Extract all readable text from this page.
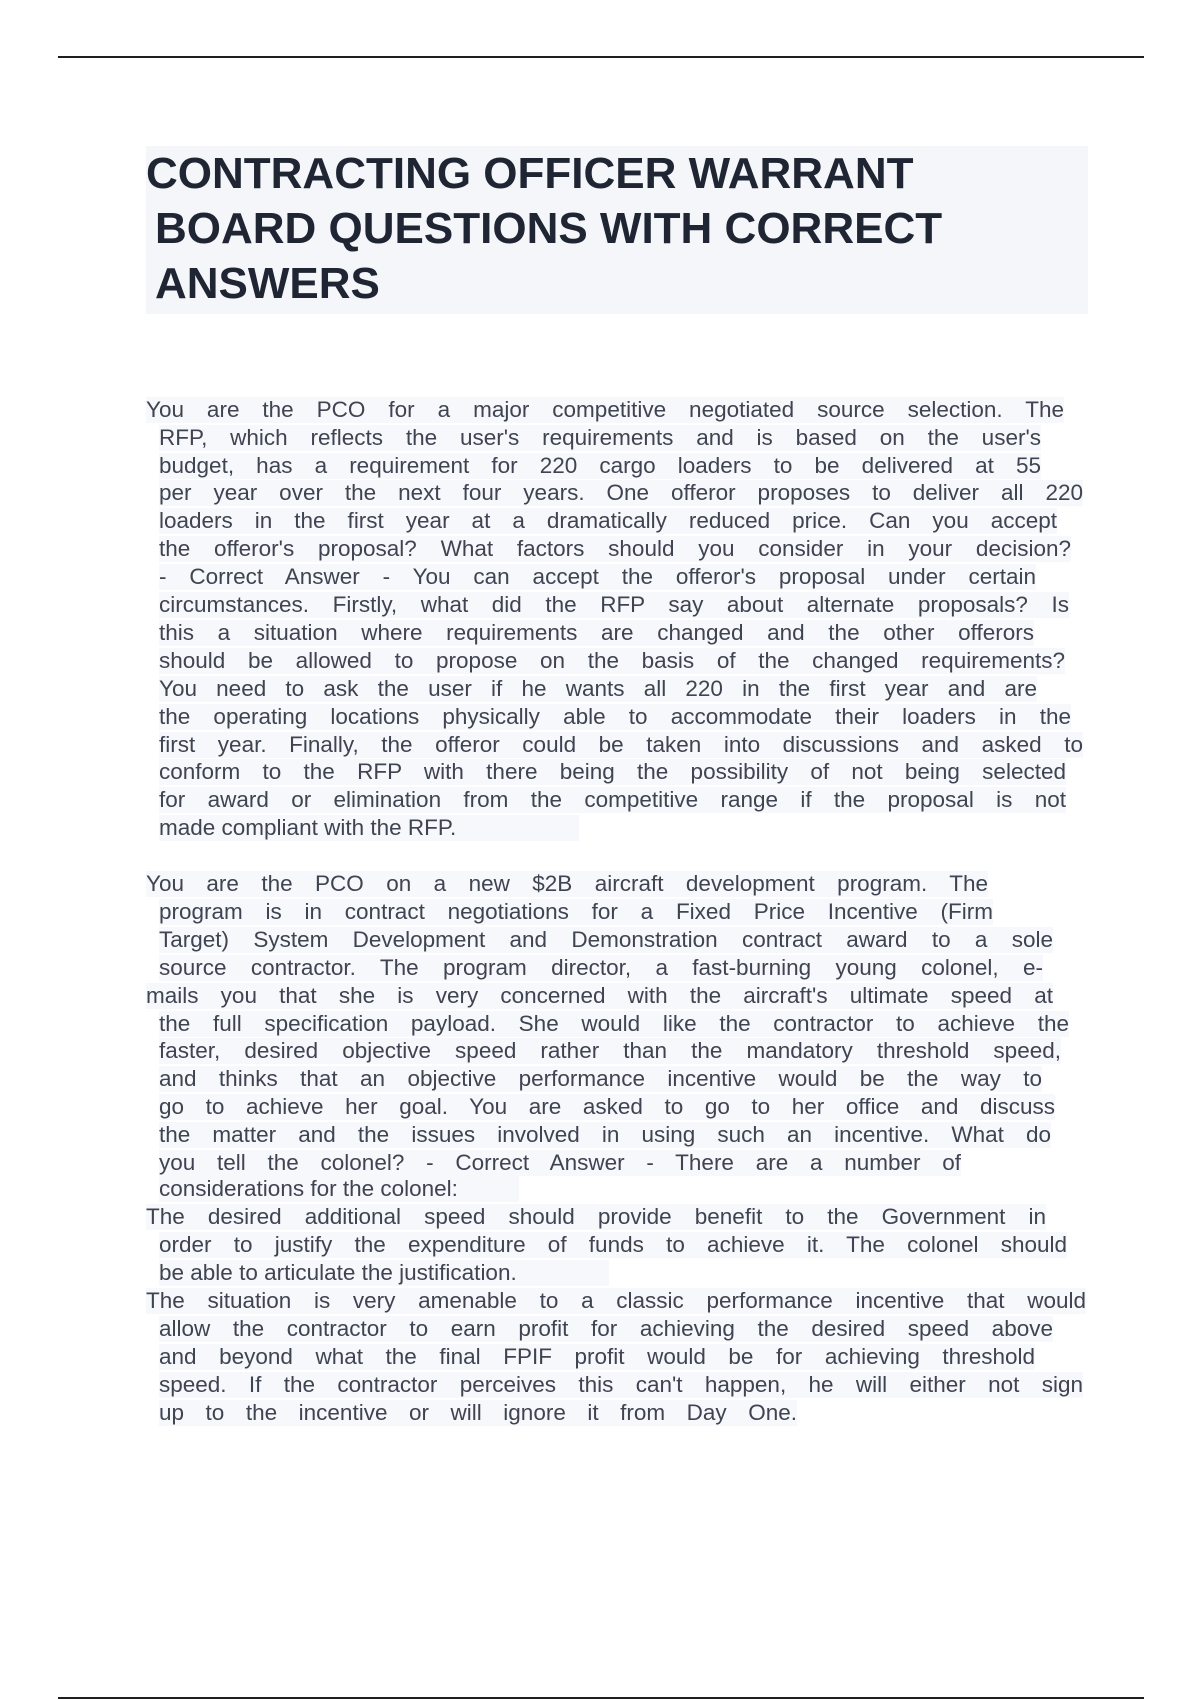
CONTRACTING OFFICER WARRANT
BOARD QUESTIONS WITH CORRECT
ANSWERS
You are the PCO for a major competitive negotiated source selection. The
RFP, which reflects the user's requirements and is based on the user's
budget, has a requirement for 220 cargo loaders to be delivered at 55
per year over the next four years. One offeror proposes to deliver all 220
loaders in the first year at a dramatically reduced price. Can you accept
the offeror's proposal? What factors should you consider in your decision?
- Correct Answer - You can accept the offeror's proposal under certain
circumstances. Firstly, what did the RFP say about alternate proposals? Is
this a situation where requirements are changed and the other offerors
should be allowed to propose on the basis of the changed requirements?
You need to ask the user if he wants all 220 in the first year and are
the operating locations physically able to accommodate their loaders in the
first year. Finally, the offeror could be taken into discussions and asked to
conform to the RFP with there being the possibility of not being selected
for award or elimination from the competitive range if the proposal is not
made compliant with the RFP.
You are the PCO on a new $2B aircraft development program. The
program is in contract negotiations for a Fixed Price Incentive (Firm
Target) System Development and Demonstration contract award to a sole
source contractor. The program director, a fast-burning young colonel, e-
mails you that she is very concerned with the aircraft's ultimate speed at
the full specification payload. She would like the contractor to achieve the
faster, desired objective speed rather than the mandatory threshold speed,
and thinks that an objective performance incentive would be the way to
go to achieve her goal. You are asked to go to her office and discuss
the matter and the issues involved in using such an incentive. What do
you tell the colonel? - Correct Answer - There are a number of
considerations for the colonel:
The desired additional speed should provide benefit to the Government in
order to justify the expenditure of funds to achieve it. The colonel should
be able to articulate the justification.
The situation is very amenable to a classic performance incentive that would
allow the contractor to earn profit for achieving the desired speed above
and beyond what the final FPIF profit would be for achieving threshold
speed. If the contractor perceives this can't happen, he will either not sign
up to the incentive or will ignore it from Day One.
